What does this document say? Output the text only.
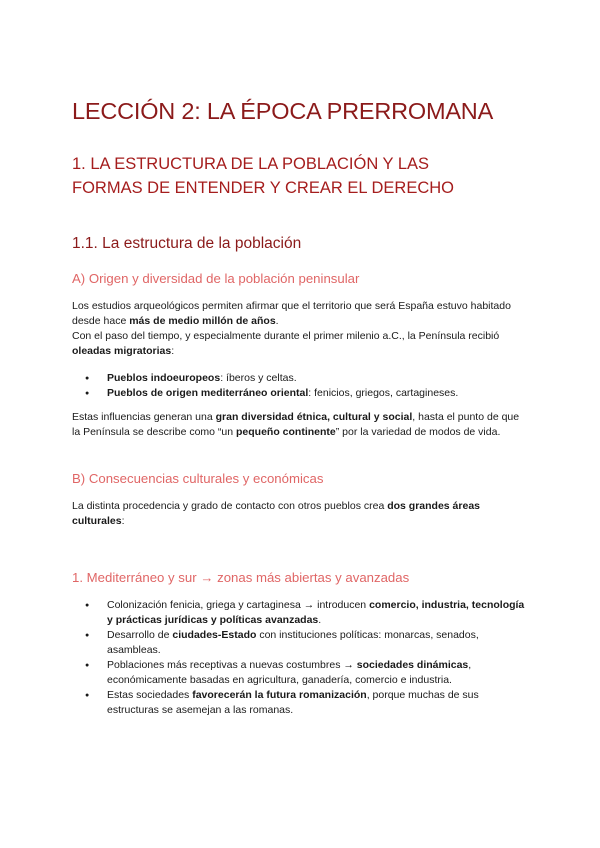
LECCIÓN 2: LA ÉPOCA PRERROMANA
1. LA ESTRUCTURA DE LA POBLACIÓN Y LAS
FORMAS DE ENTENDER Y CREAR EL DERECHO
1.1. La estructura de la población
A) Origen y diversidad de la población peninsular
Los estudios arqueológicos permiten afirmar que el territorio que será España estuvo habitado desde hace más de medio millón de años.
Con el paso del tiempo, y especialmente durante el primer milenio a.C., la Península recibió oleadas migratorias:
● Pueblos indoeuropeos: íberos y celtas.
● Pueblos de origen mediterráneo oriental: fenicios, griegos, cartagineses.
Estas influencias generan una gran diversidad étnica, cultural y social, hasta el punto de que la Península se describe como “un pequeño continente” por la variedad de modos de vida.
B) Consecuencias culturales y económicas
La distinta procedencia y grado de contacto con otros pueblos crea dos grandes áreas culturales:
1. Mediterráneo y sur → zonas más abiertas y avanzadas
● Colonización fenicia, griega y cartaginesa → introducen comercio, industria, tecnología y prácticas jurídicas y políticas avanzadas.
● Desarrollo de ciudades-Estado con instituciones políticas: monarcas, senados, asambleas.
● Poblaciones más receptivas a nuevas costumbres → sociedades dinámicas, económicamente basadas en agricultura, ganadería, comercio e industria.
● Estas sociedades favorecerán la futura romanización, porque muchas de sus estructuras se asemejan a las romanas.
